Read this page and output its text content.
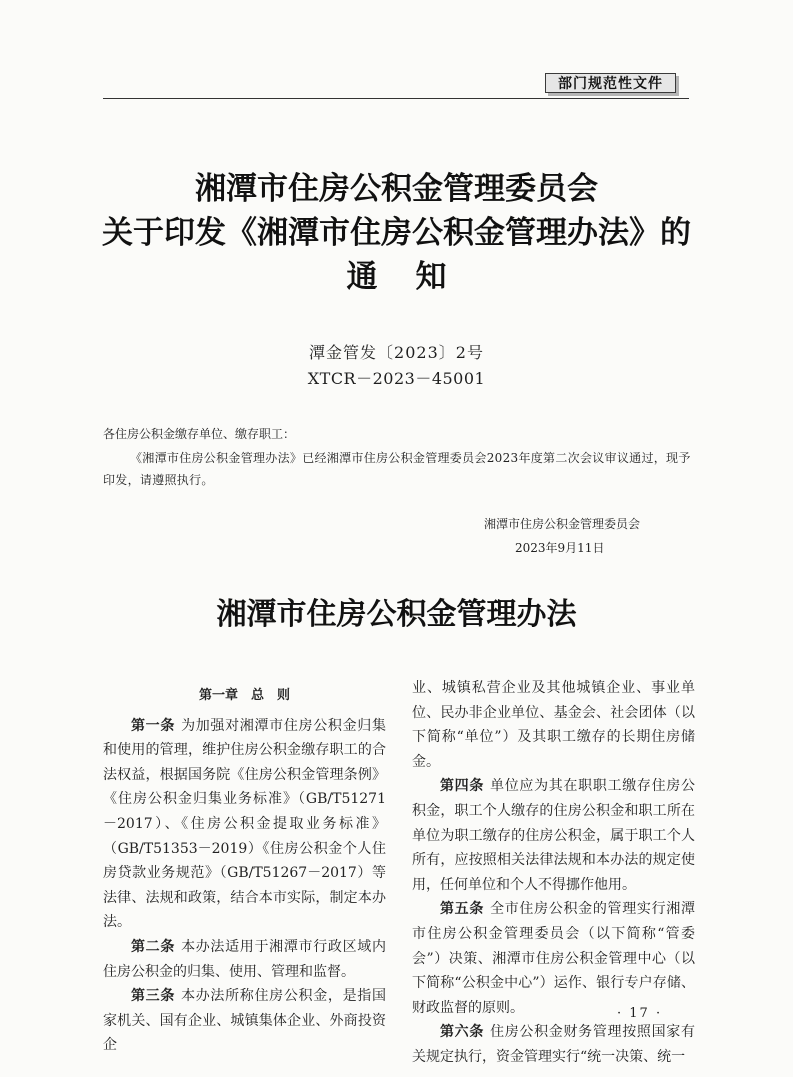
部门规范性文件
湘潭市住房公积金管理委员会
关于印发《湘潭市住房公积金管理办法》的
通知
潭金管发〔2023〕2号
XTCR－2023－45001
各住房公积金缴存单位、缴存职工：
《湘潭市住房公积金管理办法》已经湘潭市住房公积金管理委员会2023年度第二次会议审议通过，现予印发，请遵照执行。
湘潭市住房公积金管理委员会
2023年9月11日
湘潭市住房公积金管理办法
第一章　总　则

第一条 为加强对湘潭市住房公积金归集和使用的管理，维护住房公积金缴存职工的合法权益，根据国务院《住房公积金管理条例》《住房公积金归集业务标准》（GB/T51271－2017）、《住房公积金提取业务标准》（GB/T51353－2019）《住房公积金个人住房贷款业务规范》（GB/T51267－2017）等法律、法规和政策，结合本市实际，制定本办法。

第二条 本办法适用于湘潭市行政区域内住房公积金的归集、使用、管理和监督。

第三条 本办法所称住房公积金，是指国家机关、国有企业、城镇集体企业、外商投资企

业、城镇私营企业及其他城镇企业、事业单位、民办非企业单位、基金会、社会团体（以下简称“单位”）及其职工缴存的长期住房储金。

第四条 单位应为其在职职工缴存住房公积金，职工个人缴存的住房公积金和职工所在单位为职工缴存的住房公积金，属于职工个人所有，应按照相关法律法规和本办法的规定使用，任何单位和个人不得挪作他用。

第五条 全市住房公积金的管理实行湘潭市住房公积金管理委员会（以下简称“管委会”）决策、湘潭市住房公积金管理中心（以下简称“公积金中心”）运作、银行专户存储、财政监督的原则。

第六条 住房公积金财务管理按照国家有关规定执行，资金管理实行“统一决策、统一

· 17 ·
